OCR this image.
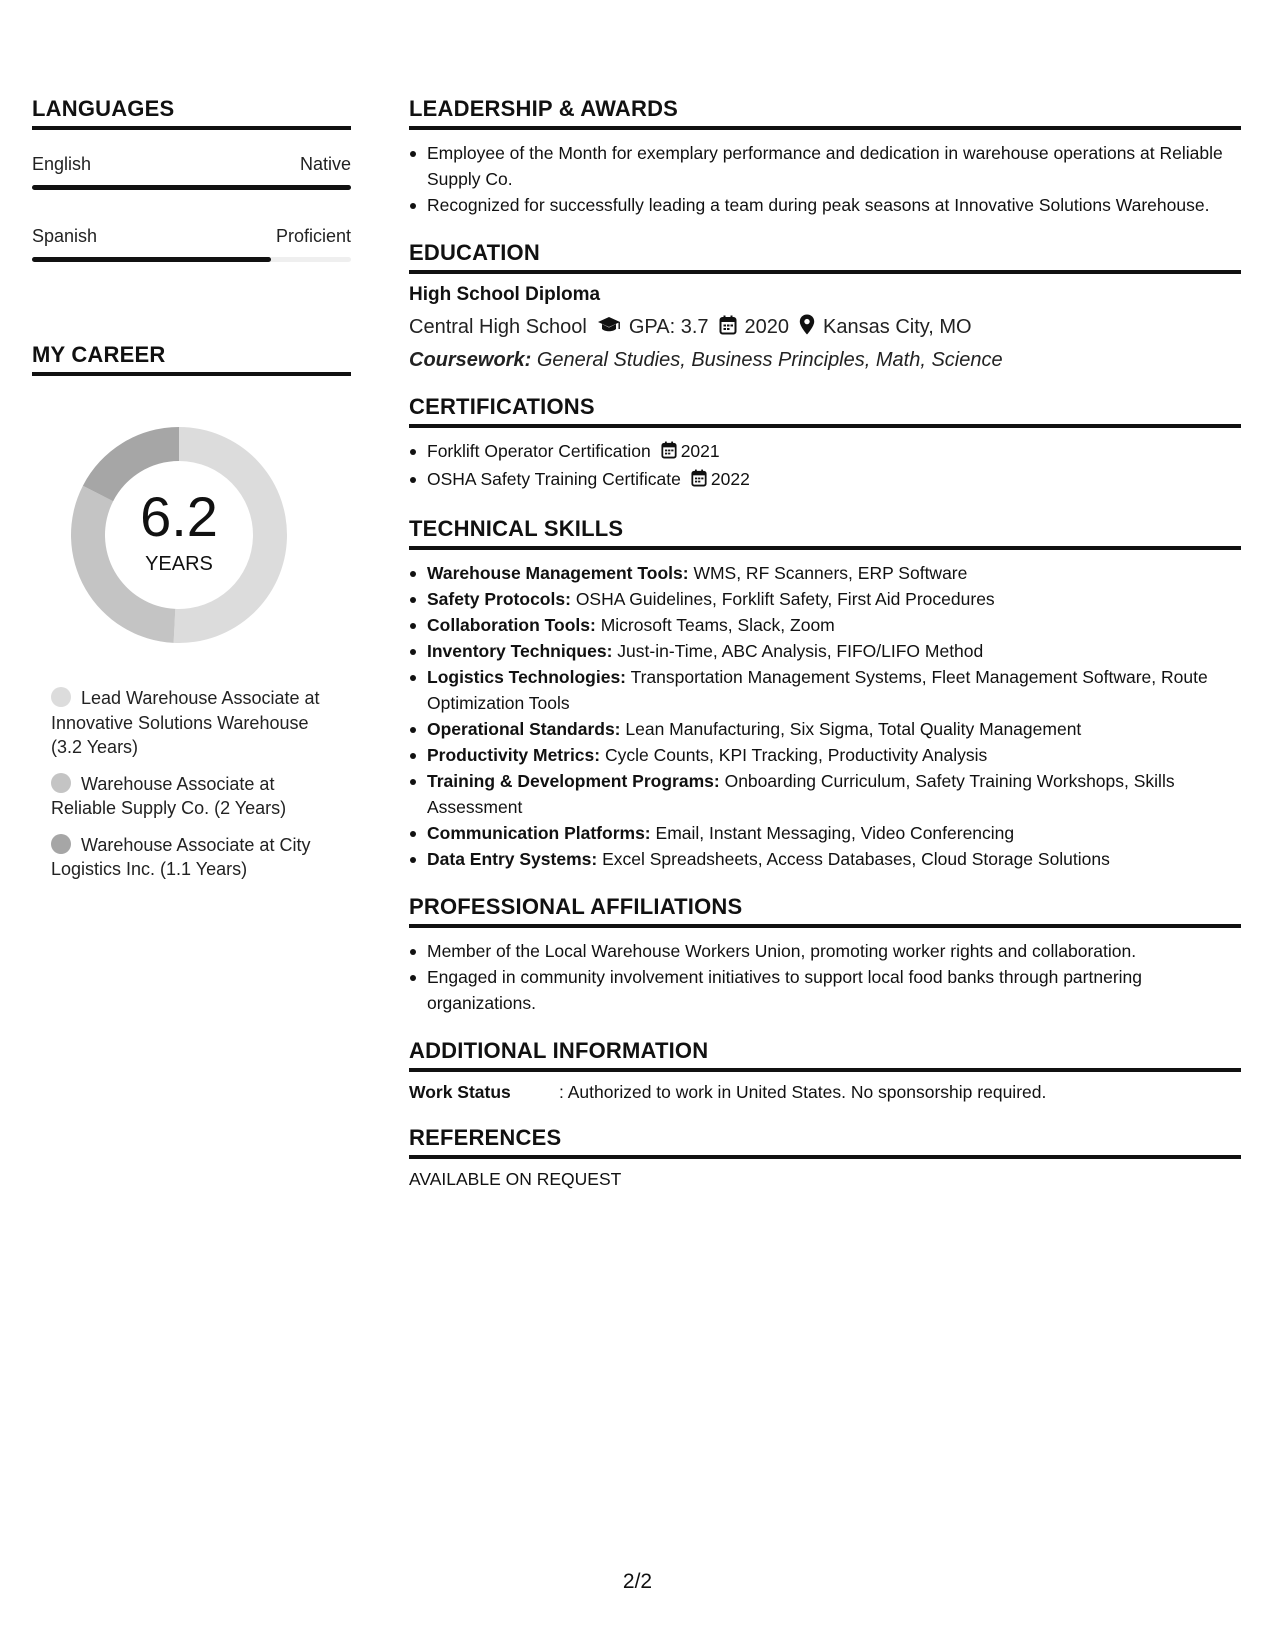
LANGUAGES
English	Native
Spanish	Proficient
MY CAREER
6.2
YEARS
Lead Warehouse Associate at Innovative Solutions Warehouse (3.2 Years)
Warehouse Associate at Reliable Supply Co. (2 Years)
Warehouse Associate at City Logistics Inc. (1.1 Years)
LEADERSHIP & AWARDS
Employee of the Month for exemplary performance and dedication in warehouse operations at Reliable Supply Co.
Recognized for successfully leading a team during peak seasons at Innovative Solutions Warehouse.
EDUCATION
High School Diploma
Central High School GPA: 3.7 2020 Kansas City, MO
Coursework: General Studies, Business Principles, Math, Science
CERTIFICATIONS
Forklift Operator Certification 2021
OSHA Safety Training Certificate 2022
TECHNICAL SKILLS
Warehouse Management Tools: WMS, RF Scanners, ERP Software
Safety Protocols: OSHA Guidelines, Forklift Safety, First Aid Procedures
Collaboration Tools: Microsoft Teams, Slack, Zoom
Inventory Techniques: Just-in-Time, ABC Analysis, FIFO/LIFO Method
Logistics Technologies: Transportation Management Systems, Fleet Management Software, Route Optimization Tools
Operational Standards: Lean Manufacturing, Six Sigma, Total Quality Management
Productivity Metrics: Cycle Counts, KPI Tracking, Productivity Analysis
Training & Development Programs: Onboarding Curriculum, Safety Training Workshops, Skills Assessment
Communication Platforms: Email, Instant Messaging, Video Conferencing
Data Entry Systems: Excel Spreadsheets, Access Databases, Cloud Storage Solutions
PROFESSIONAL AFFILIATIONS
Member of the Local Warehouse Workers Union, promoting worker rights and collaboration.
Engaged in community involvement initiatives to support local food banks through partnering organizations.
ADDITIONAL INFORMATION
Work Status	: Authorized to work in United States. No sponsorship required.
REFERENCES
AVAILABLE ON REQUEST
2/2
